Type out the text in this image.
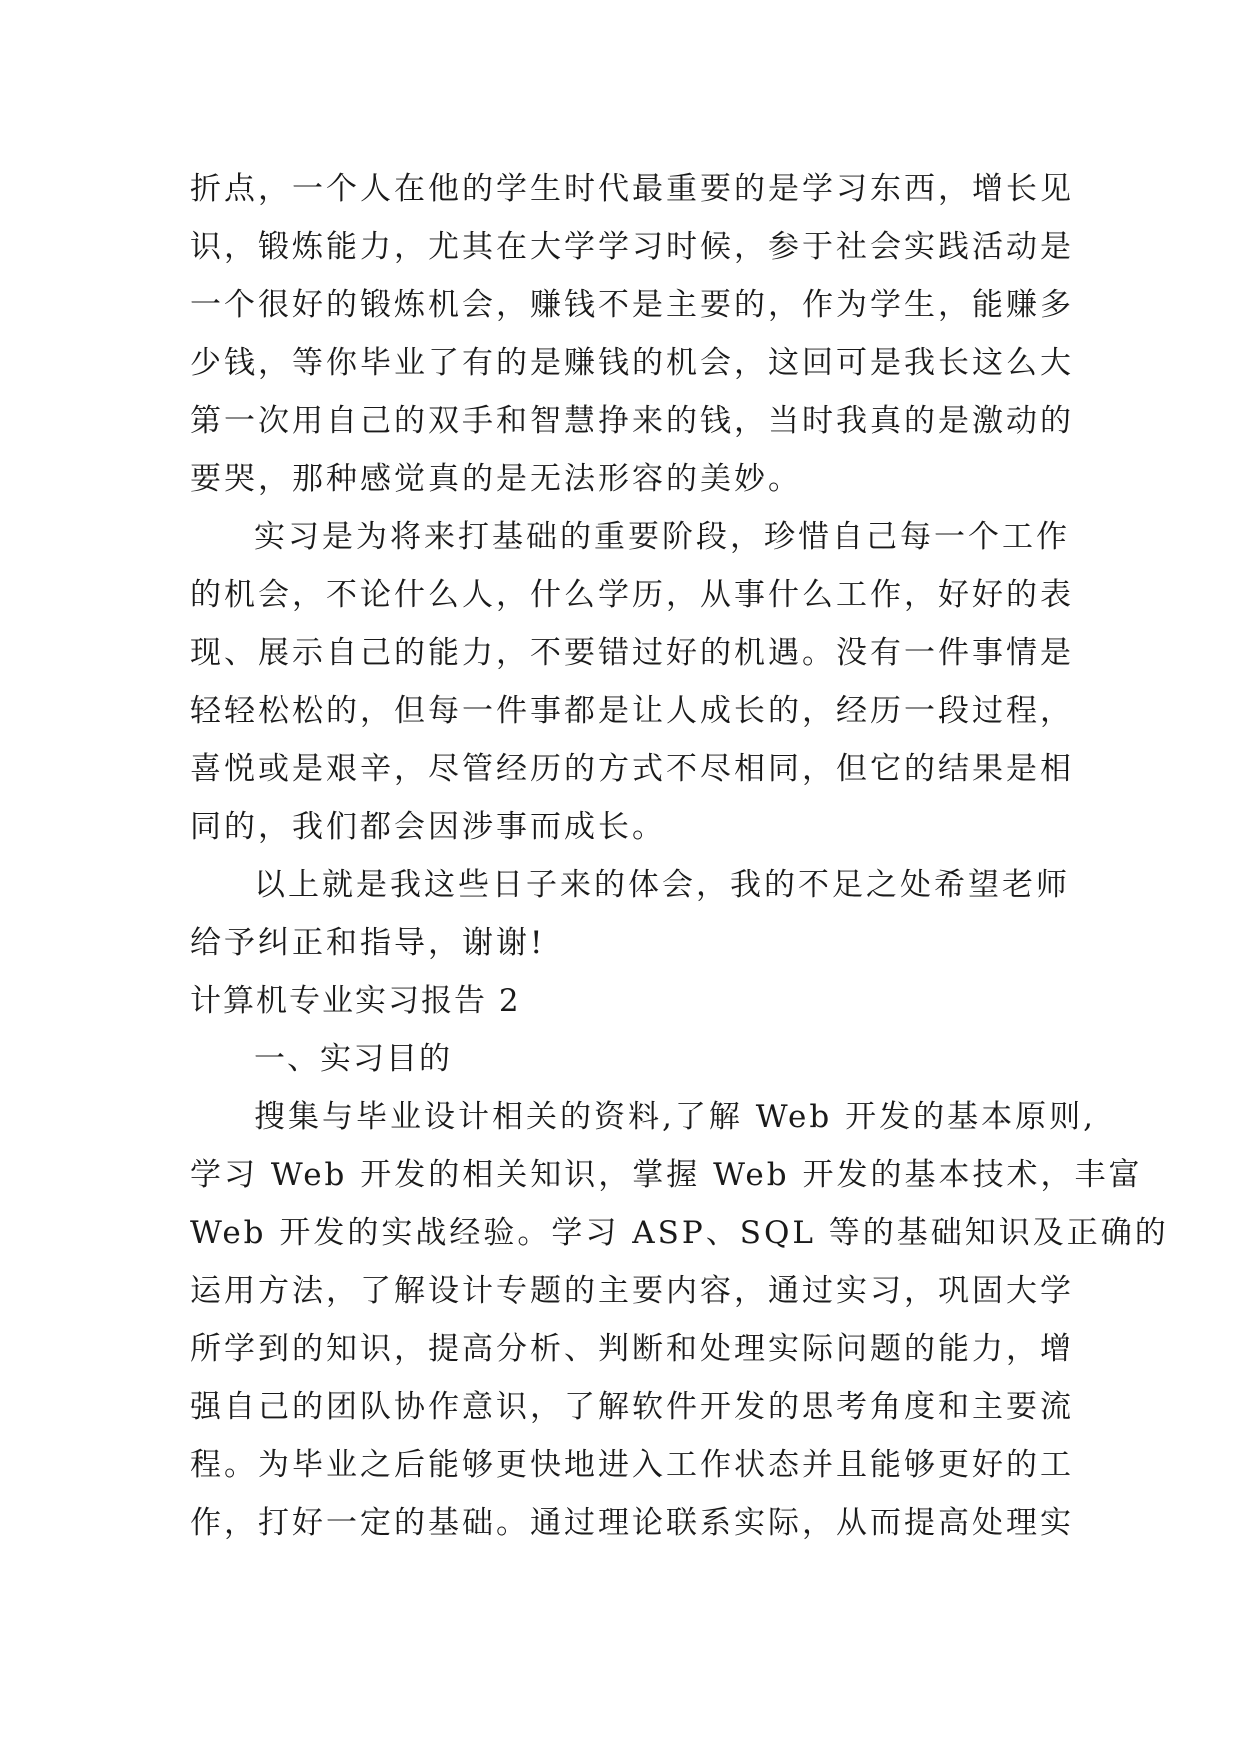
折点，一个人在他的学生时代最重要的是学习东西，增长见
识，锻炼能力，尤其在大学学习时候，参于社会实践活动是
一个很好的锻炼机会，赚钱不是主要的，作为学生，能赚多
少钱，等你毕业了有的是赚钱的机会，这回可是我长这么大
第一次用自己的双手和智慧挣来的钱，当时我真的是激动的
要哭，那种感觉真的是无法形容的美妙。
实习是为将来打基础的重要阶段，珍惜自己每一个工作
的机会，不论什么人，什么学历，从事什么工作，好好的表
现、展示自己的能力，不要错过好的机遇。没有一件事情是
轻轻松松的，但每一件事都是让人成长的，经历一段过程，
喜悦或是艰辛，尽管经历的方式不尽相同，但它的结果是相
同的，我们都会因涉事而成长。
以上就是我这些日子来的体会，我的不足之处希望老师
给予纠正和指导，谢谢!
计算机专业实习报告 2
一、实习目的
搜集与毕业设计相关的资料,了解 Web 开发的基本原则,
学习 Web 开发的相关知识，掌握 Web 开发的基本技术，丰富
Web 开发的实战经验。学习 ASP、SQL 等的基础知识及正确的
运用方法，了解设计专题的主要内容，通过实习，巩固大学
所学到的知识，提高分析、判断和处理实际问题的能力，增
强自己的团队协作意识，了解软件开发的思考角度和主要流
程。为毕业之后能够更快地进入工作状态并且能够更好的工
作，打好一定的基础。通过理论联系实际，从而提高处理实
